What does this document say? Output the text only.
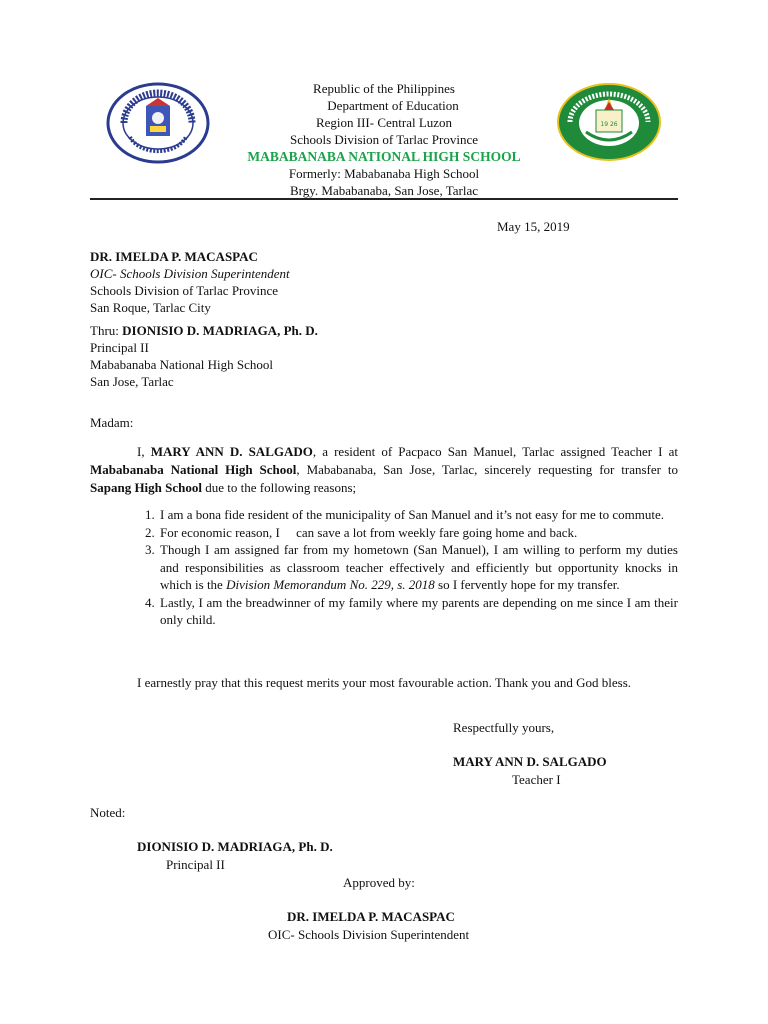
19 26
Republic of the Philippines
Department of Education
Region III- Central Luzon
Schools Division of Tarlac Province
MABABANABA NATIONAL HIGH SCHOOL
Formerly: Mababanaba High School
Brgy. Mababanaba, San Jose, Tarlac
May 15, 2019
DR. IMELDA P. MACASPAC
OIC- Schools Division Superintendent
Schools Division of Tarlac Province
San Roque, Tarlac City
Thru: DIONISIO D. MADRIAGA, Ph. D.
Principal II
Mababanaba National High School
San Jose, Tarlac
Madam:
I, MARY ANN D. SALGADO, a resident of Pacpaco San Manuel, Tarlac assigned Teacher I at Mababanaba National High School, Mababanaba, San Jose, Tarlac, sincerely requesting for transfer to Sapang High School due to the following reasons;
1. I am a bona fide resident of the municipality of San Manuel and it’s not easy for me to commute.
2. For economic reason, I     can save a lot from weekly fare going home and back.
3. Though I am assigned far from my hometown (San Manuel), I am willing to perform my duties and responsibilities as classroom teacher effectively and efficiently but opportunity knocks in which is the Division Memorandum No. 229, s. 2018 so I fervently hope for my transfer.
4. Lastly, I am the breadwinner of my family where my parents are depending on me since I am their only child.
I earnestly pray that this request merits your most favourable action. Thank you and God bless.
Respectfully yours,
MARY ANN D. SALGADO
Teacher I
Noted:
DIONISIO D. MADRIAGA, Ph. D.
Principal II
Approved by:
DR. IMELDA P. MACASPAC
OIC- Schools Division Superintendent
